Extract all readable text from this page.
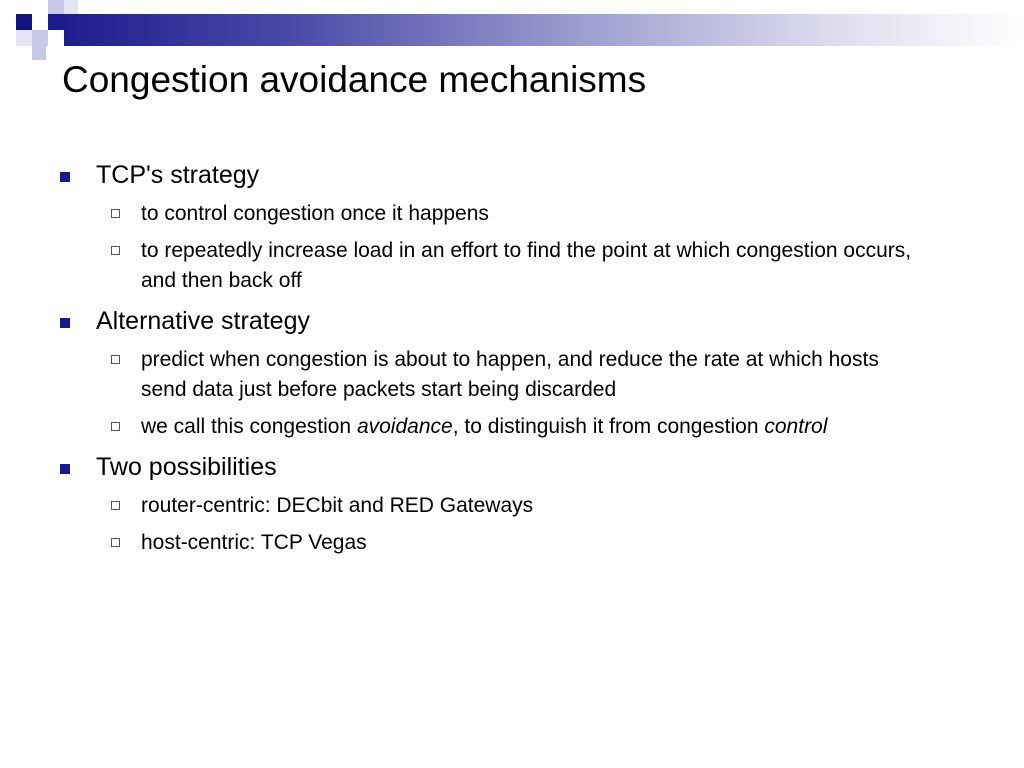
Congestion avoidance mechanisms
TCP's strategy
to control congestion once it happens
to repeatedly increase load in an effort to find the point at which congestion occurs, and then back off
Alternative strategy
predict when congestion is about to happen, and reduce the rate at which hosts send data just before packets start being discarded
we call this congestion avoidance, to distinguish it from congestion control
Two possibilities
router-centric: DECbit and RED Gateways
host-centric: TCP Vegas
